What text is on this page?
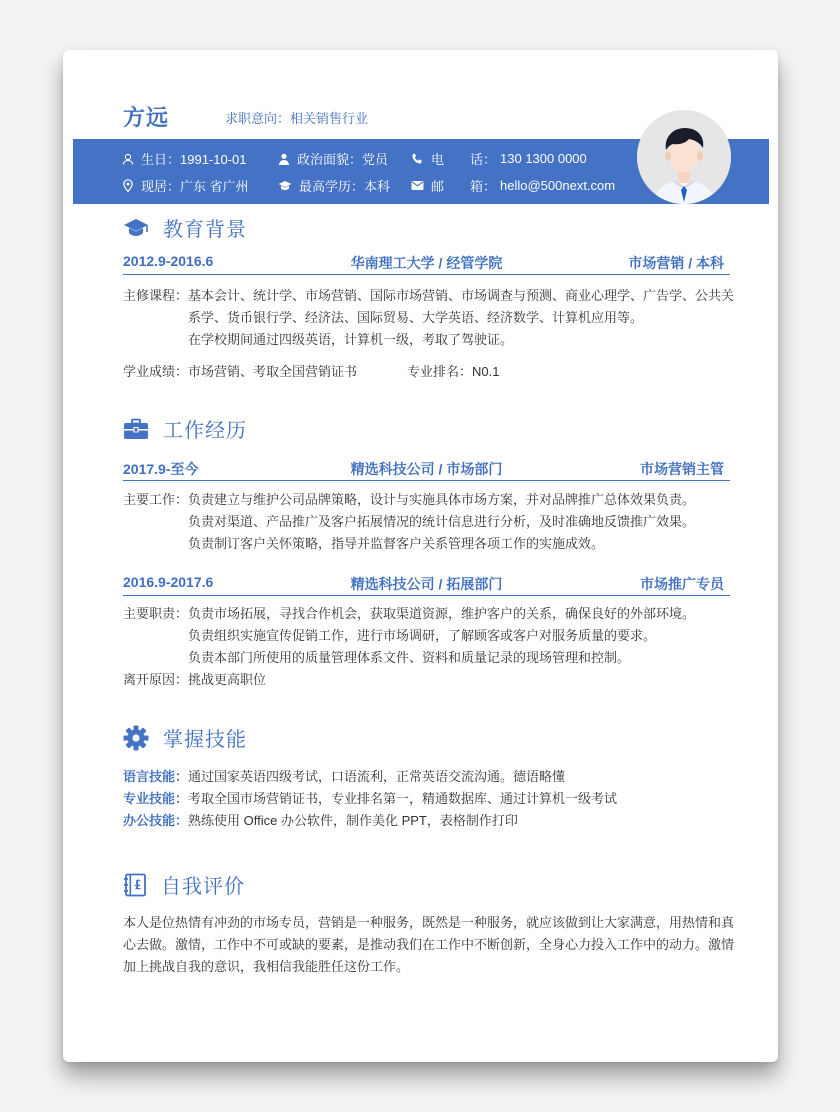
方远	求职意向：相关销售行业
生日：1991-10-01	政治面貌：党员	电　　话： 130 1300 0000
现居：广东 省广州	最高学历：本科	邮　　箱： hello@500next.com
教育背景
2012.9-2016.6	华南理工大学 / 经管学院	市场营销 / 本科
主修课程： 基本会计、统计学、市场营销、国际市场营销、市场调查与预测、商业心理学、广告学、公共关系学、货币银行学、经济法、国际贸易、大学英语、经济数学、计算机应用等。
在学校期间通过四级英语，计算机一级，考取了驾驶证。
学业成绩：市场营销、考取全国营销证书	专业排名：N0.1
工作经历
2017.9-至今	精选科技公司 / 市场部门	市场营销主管
主要工作： 负责建立与维护公司品牌策略，设计与实施具体市场方案，并对品牌推广总体效果负责。
负责对渠道、产品推广及客户拓展情况的统计信息进行分析，及时准确地反馈推广效果。
负责制订客户关怀策略，指导并监督客户关系管理各项工作的实施成效。
2016.9-2017.6	精选科技公司 / 拓展部门	市场推广专员
主要职责： 负责市场拓展，寻找合作机会，获取渠道资源，维护客户的关系，确保良好的外部环境。
负责组织实施宣传促销工作，进行市场调研，了解顾客或客户对服务质量的要求。
负责本部门所使用的质量管理体系文件、资料和质量记录的现场管理和控制。
离开原因：挑战更高职位
掌握技能
语言技能： 通过国家英语四级考试，口语流利，正常英语交流沟通。德语略懂
专业技能： 考取全国市场营销证书，专业排名第一，精通数据库、通过计算机一级考试
办公技能： 熟练使用 Office 办公软件，制作美化 PPT，表格制作打印
自我评价
本人是位热情有冲劲的市场专员，营销是一种服务，既然是一种服务，就应该做到让大家满意，用热情和真心去做。激情，工作中不可或缺的要素，是推动我们在工作中不断创新，全身心力投入工作中的动力。激情加上挑战自我的意识，我相信我能胜任这份工作。
